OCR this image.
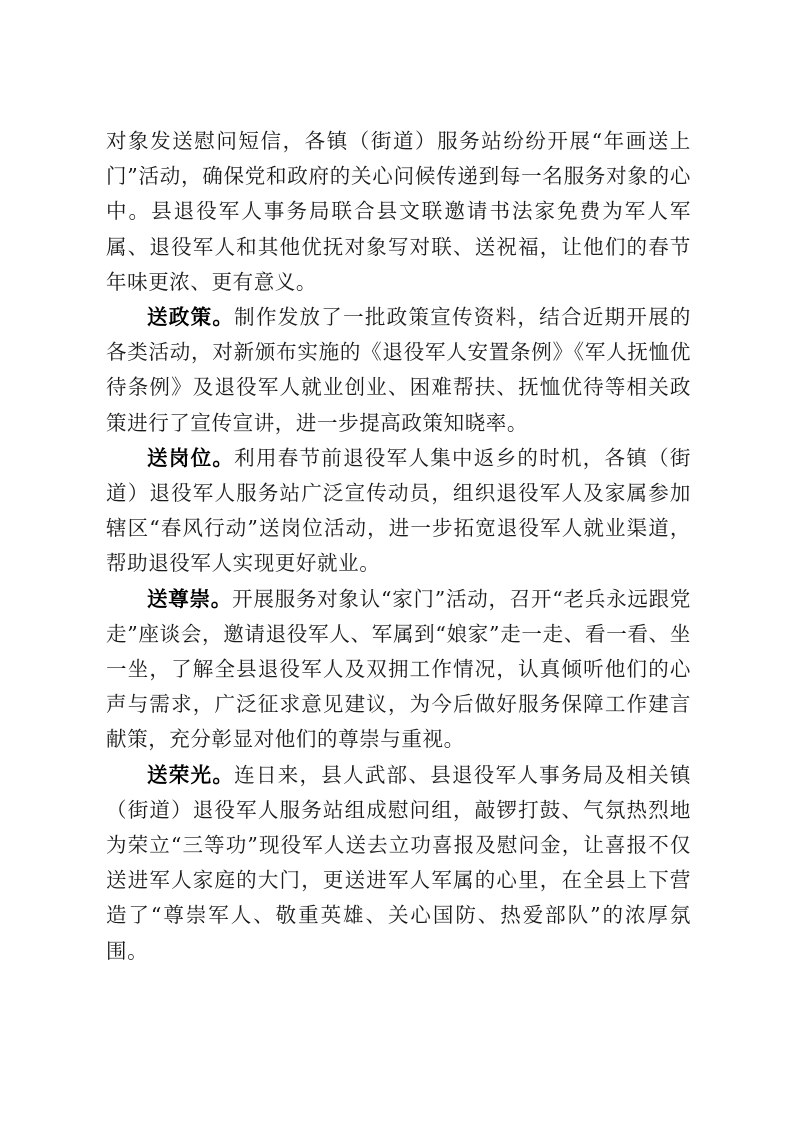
对象发送慰问短信，各镇（街道）服务站纷纷开展“年画送上门”活动，确保党和政府的关心问候传递到每一名服务对象的心中。县退役军人事务局联合县文联邀请书法家免费为军人军属、退役军人和其他优抚对象写对联、送祝福，让他们的春节年味更浓、更有意义。

送政策。制作发放了一批政策宣传资料，结合近期开展的各类活动，对新颁布实施的《退役军人安置条例》《军人抚恤优待条例》及退役军人就业创业、困难帮扶、抚恤优待等相关政策进行了宣传宣讲，进一步提高政策知晓率。

送岗位。利用春节前退役军人集中返乡的时机，各镇（街道）退役军人服务站广泛宣传动员，组织退役军人及家属参加辖区“春风行动”送岗位活动，进一步拓宽退役军人就业渠道，帮助退役军人实现更好就业。

送尊崇。开展服务对象认“家门”活动，召开“老兵永远跟党走”座谈会，邀请退役军人、军属到“娘家”走一走、看一看、坐一坐，了解全县退役军人及双拥工作情况，认真倾听他们的心声与需求，广泛征求意见建议，为今后做好服务保障工作建言献策，充分彰显对他们的尊崇与重视。

送荣光。连日来，县人武部、县退役军人事务局及相关镇（街道）退役军人服务站组成慰问组，敲锣打鼓、气氛热烈地为荣立“三等功”现役军人送去立功喜报及慰问金，让喜报不仅送进军人家庭的大门，更送进军人军属的心里，在全县上下营造了“尊崇军人、敬重英雄、关心国防、热爱部队”的浓厚氛围。
